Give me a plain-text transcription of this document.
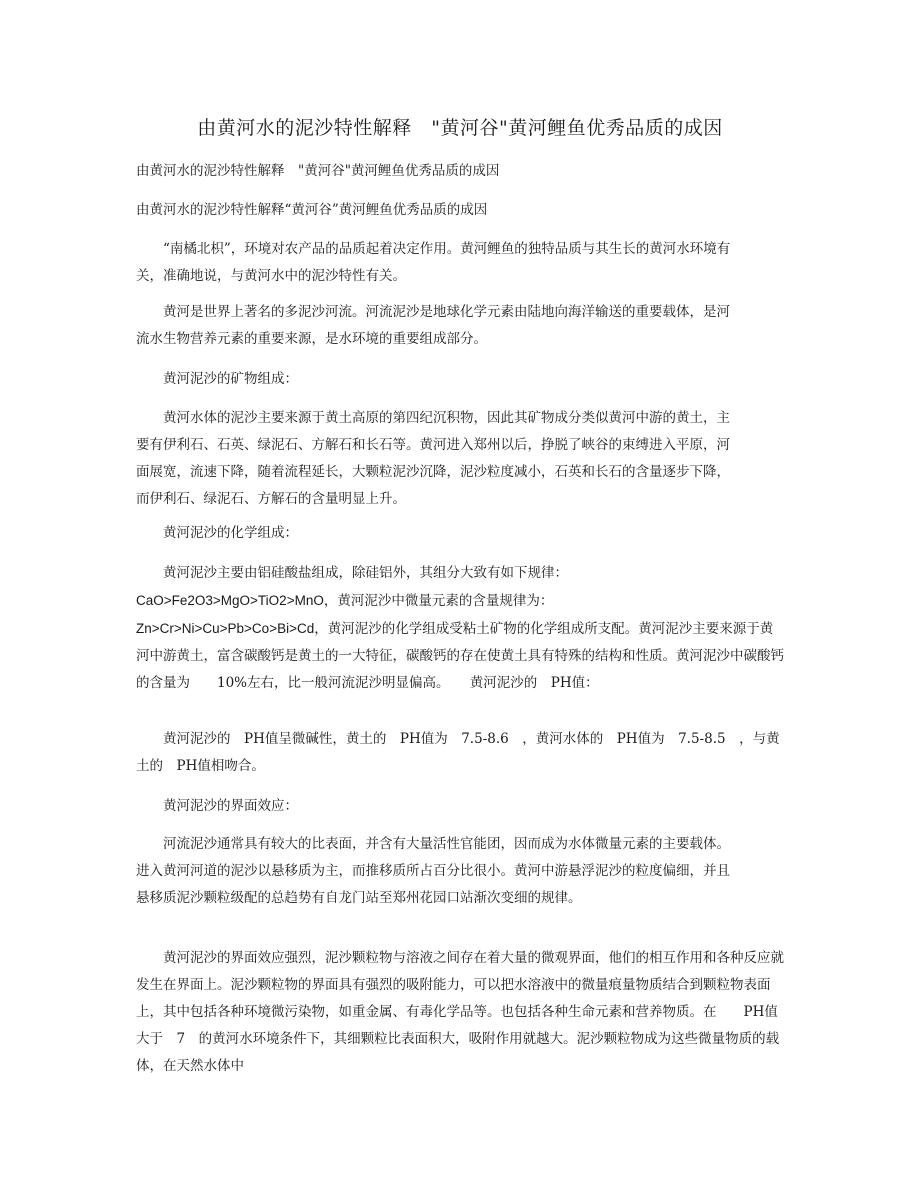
由黄河水的泥沙特性解释　"黄河谷"黄河鲤鱼优秀品质的成因
由黄河水的泥沙特性解释　"黄河谷"黄河鲤鱼优秀品质的成因
由黄河水的泥沙特性解释“黄河谷”黄河鲤鱼优秀品质的成因
　　“南橘北枳”，环境对农产品的品质起着决定作用。黄河鲤鱼的独特品质与其生长的黄河水环境有关，准确地说，与黄河水中的泥沙特性有关。
　　黄河是世界上著名的多泥沙河流。河流泥沙是地球化学元素由陆地向海洋输送的重要载体，是河流水生物营养元素的重要来源，是水环境的重要组成部分。
　　黄河泥沙的矿物组成：
　　黄河水体的泥沙主要来源于黄土高原的第四纪沉积物，因此其矿物成分类似黄河中游的黄土，主要有伊利石、石英、绿泥石、方解石和长石等。黄河进入郑州以后，挣脱了峡谷的束缚进入平原，河面展宽，流速下降，随着流程延长，大颗粒泥沙沉降，泥沙粒度减小，石英和长石的含量逐步下降，而伊利石、绿泥石、方解石的含量明显上升。
　　黄河泥沙的化学组成：
　　黄河泥沙主要由铝硅酸盐组成，除硅铝外，其组分大致有如下规律：
CaO>Fe2O3>MgO>TiO2>MnO，黄河泥沙中微量元素的含量规律为：
Zn>Cr>Ni>Cu>Pb>Co>Bi>Cd，黄河泥沙的化学组成受粘土矿物的化学组成所支配。黄河泥沙主要来源于黄河中游黄土，富含碳酸钙是黄土的一大特征，碳酸钙的存在使黄土具有特殊的结构和性质。黄河泥沙中碳酸钙的含量为　　10%左右，比一般河流泥沙明显偏高。　　黄河泥沙的　PH值：
　　黄河泥沙的　PH值呈微碱性，黄土的　PH值为　7.5-8.6　，黄河水体的　PH值为　7.5-8.5　，与黄土的　PH值相吻合。
　　黄河泥沙的界面效应：
　　河流泥沙通常具有较大的比表面，并含有大量活性官能团，因而成为水体微量元素的主要载体。进入黄河河道的泥沙以悬移质为主，而推移质所占百分比很小。黄河中游悬浮泥沙的粒度偏细，并且悬移质泥沙颗粒级配的总趋势有自龙门站至郑州花园口站渐次变细的规律。
　　黄河泥沙的界面效应强烈，泥沙颗粒物与溶液之间存在着大量的微观界面，他们的相互作用和各种反应就发生在界面上。泥沙颗粒物的界面具有强烈的吸附能力，可以把水溶液中的微量痕量物质结合到颗粒物表面上，其中包括各种环境微污染物，如重金属、有毒化学品等。也包括各种生命元素和营养物质。在　　PH值大于　7　的黄河水环境条件下，其细颗粒比表面积大，吸附作用就越大。泥沙颗粒物成为这些微量物质的载体，在天然水体中
